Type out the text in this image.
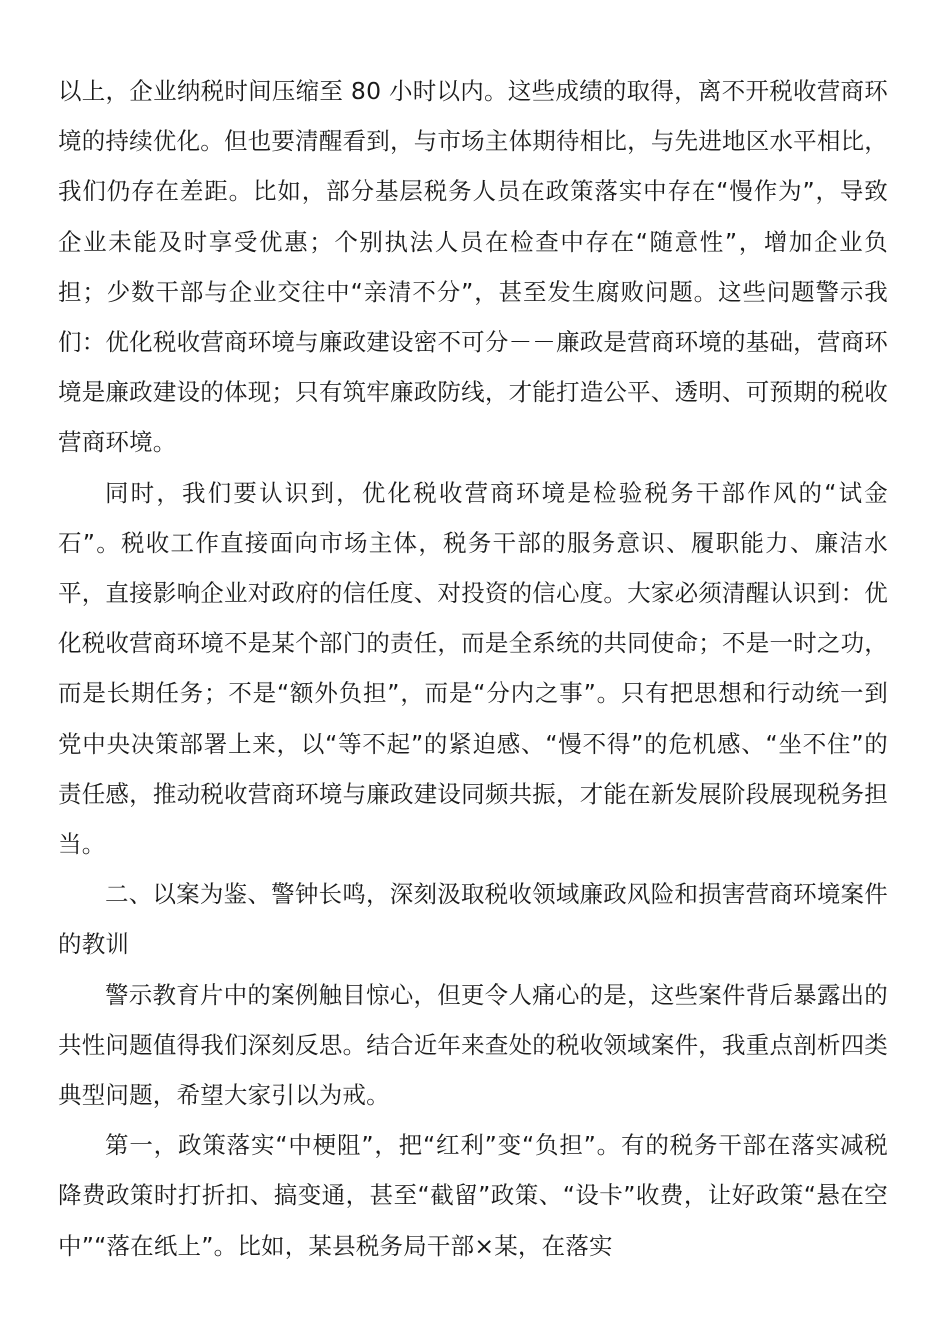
以上，企业纳税时间压缩至 80 小时以内。这些成绩的取得，离不开税收营商环境的持续优化。但也要清醒看到，与市场主体期待相比，与先进地区水平相比，我们仍存在差距。比如，部分基层税务人员在政策落实中存在“慢作为”，导致企业未能及时享受优惠；个别执法人员在检查中存在“随意性”，增加企业负担；少数干部与企业交往中“亲清不分”，甚至发生腐败问题。这些问题警示我们：优化税收营商环境与廉政建设密不可分－－廉政是营商环境的基础，营商环境是廉政建设的体现；只有筑牢廉政防线，才能打造公平、透明、可预期的税收营商环境。

同时，我们要认识到，优化税收营商环境是检验税务干部作风的“试金石”。税收工作直接面向市场主体，税务干部的服务意识、履职能力、廉洁水平，直接影响企业对政府的信任度、对投资的信心度。大家必须清醒认识到：优化税收营商环境不是某个部门的责任，而是全系统的共同使命；不是一时之功，而是长期任务；不是“额外负担”，而是“分内之事”。只有把思想和行动统一到党中央决策部署上来，以“等不起”的紧迫感、“慢不得”的危机感、“坐不住”的责任感，推动税收营商环境与廉政建设同频共振，才能在新发展阶段展现税务担当。

二、以案为鉴、警钟长鸣，深刻汲取税收领域廉政风险和损害营商环境案件的教训

警示教育片中的案例触目惊心，但更令人痛心的是，这些案件背后暴露出的共性问题值得我们深刻反思。结合近年来查处的税收领域案件，我重点剖析四类典型问题，希望大家引以为戒。

第一，政策落实“中梗阻”，把“红利”变“负担”。有的税务干部在落实减税降费政策时打折扣、搞变通，甚至“截留”政策、“设卡”收费，让好政策“悬在空中”“落在纸上”。比如，某县税务局干部×某，在落实
